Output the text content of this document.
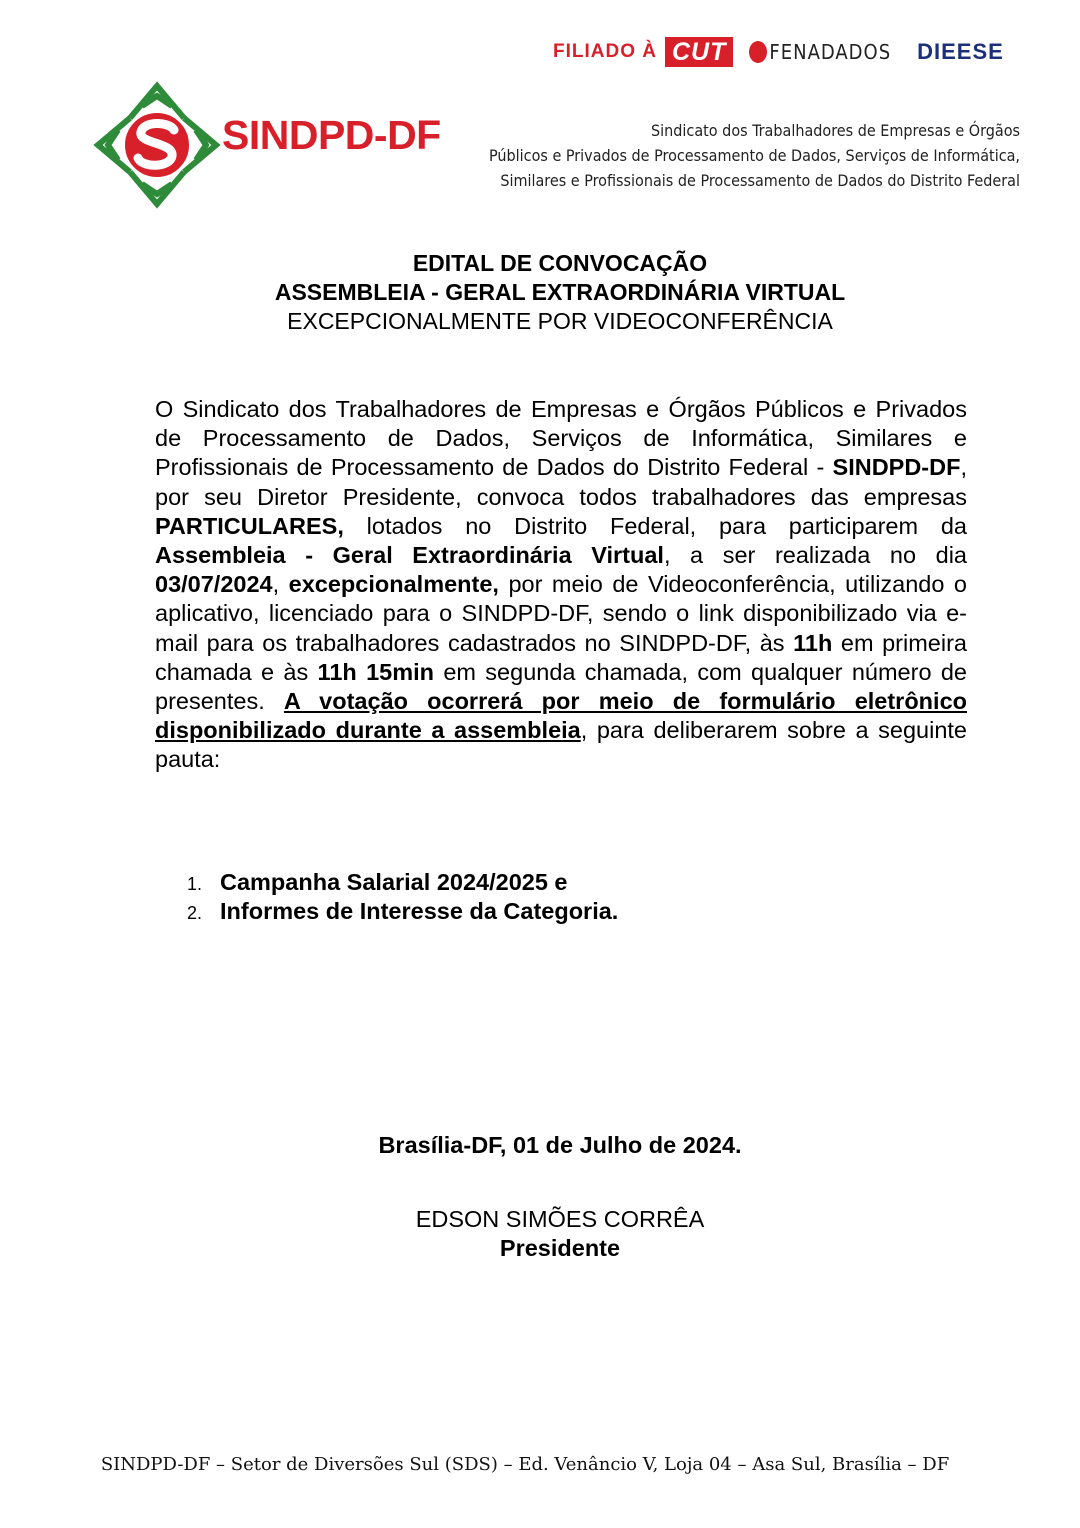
FILIADO À CUT	FENADADOS DIEESE
SINDPD-DF	Sindicato dos Trabalhadores de Empresas e Órgãos
Públicos e Privados de Processamento de Dados, Serviços de Informática,
Similares e Profissionais de Processamento de Dados do Distrito Federal
EDITAL DE CONVOCAÇÃO
ASSEMBLEIA - GERAL EXTRAORDINÁRIA VIRTUAL
EXCEPCIONALMENTE POR VIDEOCONFERÊNCIA
O Sindicato dos Trabalhadores de Empresas e Órgãos Públicos e Privados de Processamento de Dados, Serviços de Informática, Similares e Profissionais de Processamento de Dados do Distrito Federal - SINDPD-DF, por seu Diretor Presidente, convoca todos trabalhadores das empresas PARTICULARES, lotados no Distrito Federal, para participarem da Assembleia - Geral Extraordinária Virtual, a ser realizada no dia 03/07/2024, excepcionalmente, por meio de Videoconferência, utilizando o aplicativo, licenciado para o SINDPD-DF, sendo o link disponibilizado via e-mail para os trabalhadores cadastrados no SINDPD-DF, às 11h em primeira chamada e às 11h 15min em segunda chamada, com qualquer número de presentes. A votação ocorrerá por meio de formulário eletrônico disponibilizado durante a assembleia, para deliberarem sobre a seguinte pauta:
1. Campanha Salarial 2024/2025 e
2. Informes de Interesse da Categoria.
Brasília-DF, 01 de Julho de 2024.
EDSON SIMÕES CORRÊA
Presidente
SINDPD-DF – Setor de Diversões Sul (SDS) – Ed. Venâncio V, Loja 04 – Asa Sul, Brasília – DF
